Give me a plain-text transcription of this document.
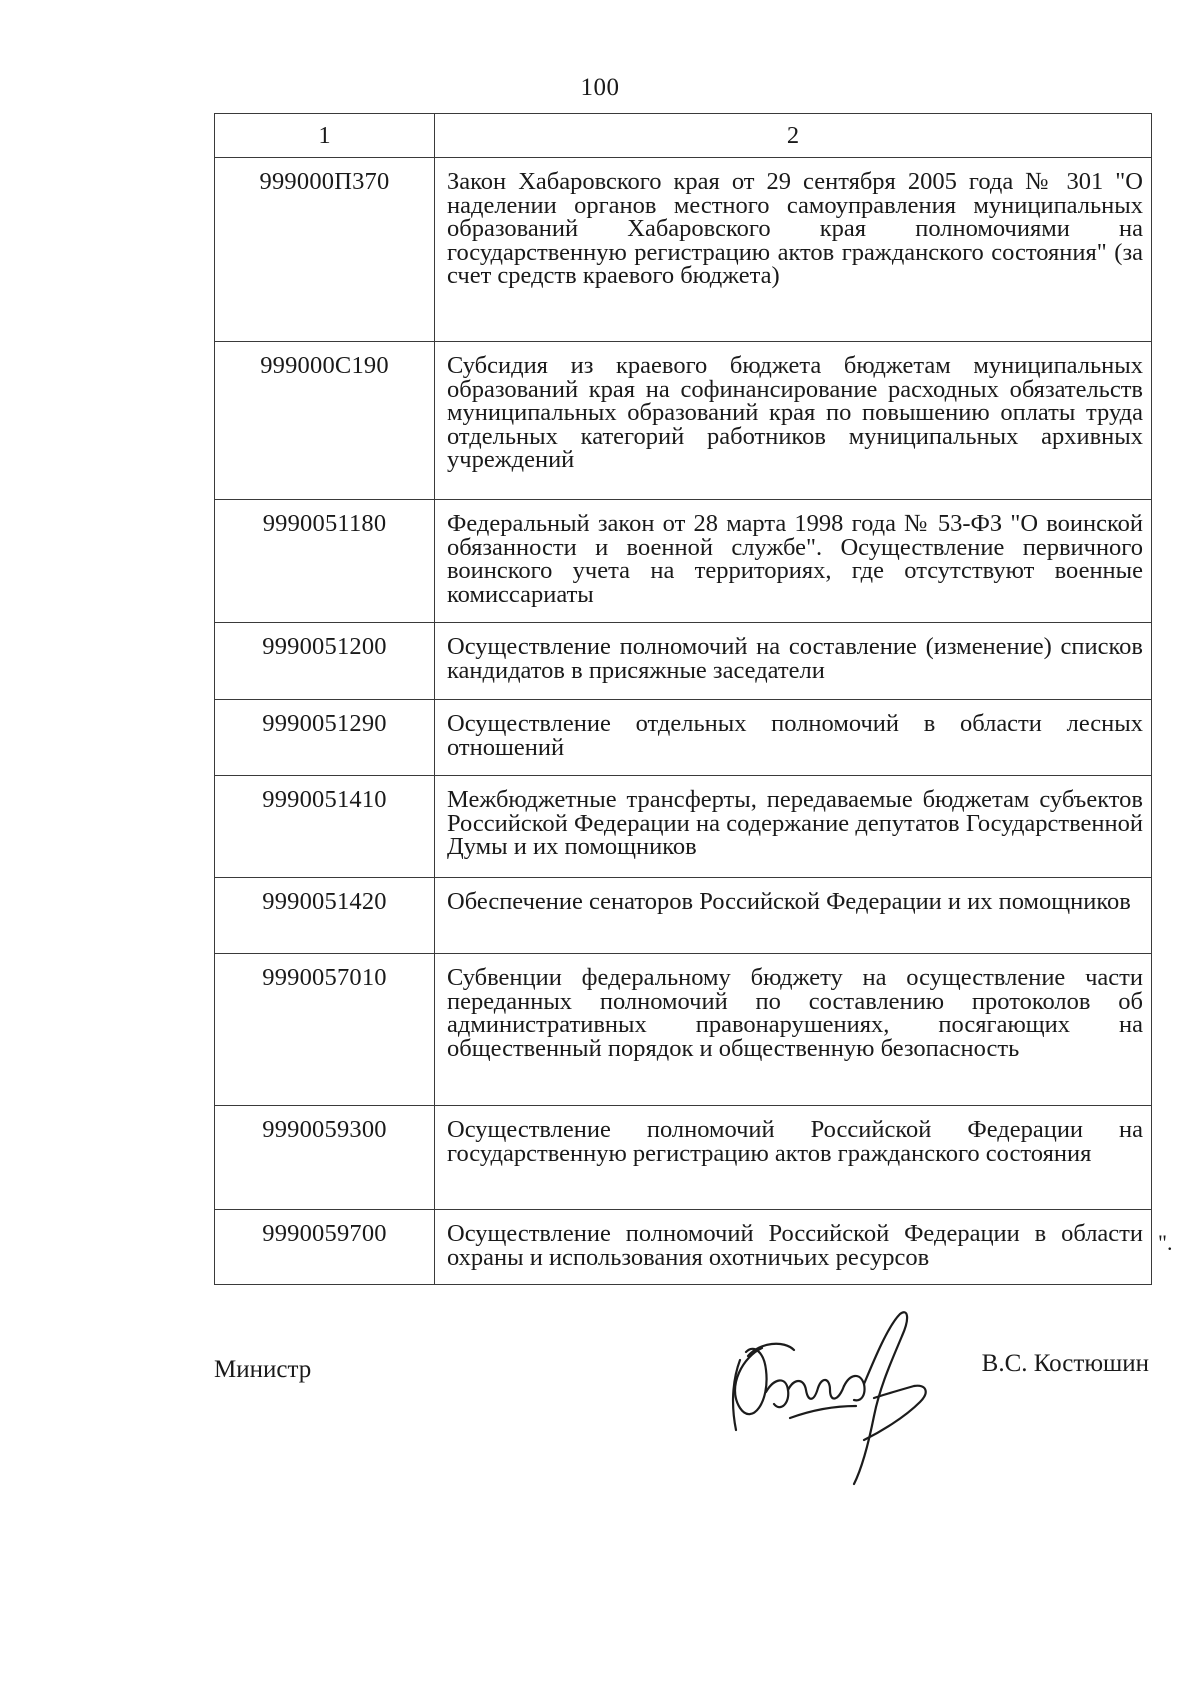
100
1	2
999000П370	Закон Хабаровского края от 29 сентября 2005 года № 301 "О наделении органов местного самоуправления муниципальных образований Хабаровского края полномочиями на государственную регистрацию актов гражданского состояния" (за счет средств краевого бюджета)
999000С190	Субсидия из краевого бюджета бюджетам муниципальных образований края на софинансирование расходных обязательств муниципальных образований края по повышению оплаты труда отдельных категорий работников муниципальных архивных учреждений
9990051180	Федеральный закон от 28 марта 1998 года № 53-ФЗ "О воинской обязанности и военной службе". Осуществление первичного воинского учета на территориях, где отсутствуют военные комиссариаты
9990051200	Осуществление полномочий на составление (изменение) списков кандидатов в присяжные заседатели
9990051290	Осуществление отдельных полномочий в области лесных отношений
9990051410	Межбюджетные трансферты, передаваемые бюджетам субъектов Российской Федерации на содержание депутатов Государственной Думы и их помощников
9990051420	Обеспечение сенаторов Российской Федерации и их помощников
9990057010	Субвенции федеральному бюджету на осуществление части переданных полномочий по составлению протоколов об административных правонарушениях, посягающих на общественный порядок и общественную безопасность
9990059300	Осуществление полномочий Российской Федерации на государственную регистрацию актов гражданского состояния
9990059700	Осуществление полномочий Российской Федерации в области охраны и использования охотничьих ресурсов
".
Министр	В.С. Костюшин
